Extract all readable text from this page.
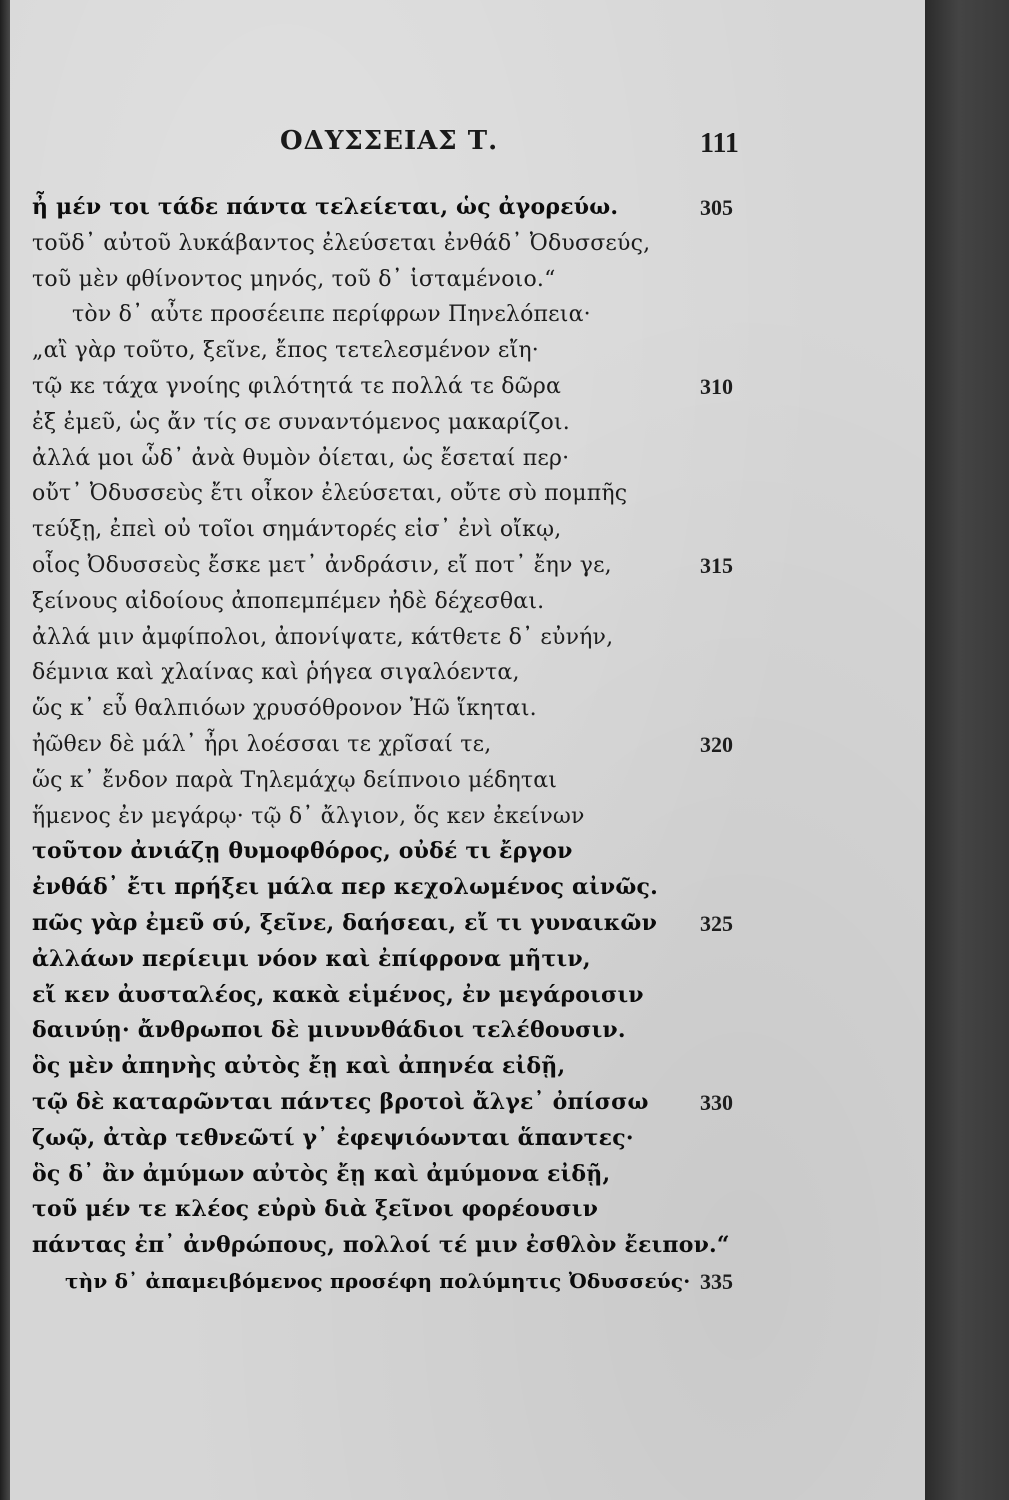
ΟΔΥΣΣΕΙΑΣ Τ.	111
ἦ μέν τοι τάδε πάντα τελείεται, ὡς ἀγορεύω.	305
τοῦδ᾽ αὐτοῦ λυκάβαντος ἐλεύσεται ἐνθάδ᾽ Ὀδυσσεύς,
τοῦ μὲν φθίνοντος μηνός, τοῦ δ᾽ ἱσταμένοιο.“
τὸν δ᾽ αὖτε προσέειπε περίφρων Πηνελόπεια·
„αἲ γὰρ τοῦτο, ξεῖνε, ἔπος τετελεσμένον εἴη·
τῷ κε τάχα γνοίης φιλότητά τε πολλά τε δῶρα	310
ἐξ ἐμεῦ, ὡς ἄν τίς σε συναντόμενος μακαρίζοι.
ἀλλά μοι ὧδ᾽ ἀνὰ θυμὸν ὀίεται, ὡς ἔσεταί περ·
οὔτ᾽ Ὀδυσσεὺς ἔτι οἶκον ἐλεύσεται, οὔτε σὺ πομπῆς
τεύξῃ, ἐπεὶ οὐ τοῖοι σημάντορές εἰσ᾽ ἐνὶ οἴκῳ,
οἷος Ὀδυσσεὺς ἔσκε μετ᾽ ἀνδράσιν, εἴ ποτ᾽ ἔην γε,	315
ξείνους αἰδοίους ἀποπεμπέμεν ἠδὲ δέχεσθαι.
ἀλλά μιν ἀμφίπολοι, ἀπονίψατε, κάτθετε δ᾽ εὐνήν,
δέμνια καὶ χλαίνας καὶ ῥήγεα σιγαλόεντα,
ὥς κ᾽ εὖ θαλπιόων χρυσόθρονον Ἠῶ ἵκηται.
ἠῶθεν δὲ μάλ᾽ ἦρι λοέσσαι τε χρῖσαί τε,	320
ὥς κ᾽ ἔνδον παρὰ Τηλεμάχῳ δείπνοιο μέδηται
ἥμενος ἐν μεγάρῳ· τῷ δ᾽ ἄλγιον, ὅς κεν ἐκείνων
τοῦτον ἀνιάζῃ θυμοφθόρος, οὐδέ τι ἔργον
ἐνθάδ᾽ ἔτι πρήξει μάλα περ κεχολωμένος αἰνῶς.
πῶς γὰρ ἐμεῦ σύ, ξεῖνε, δαήσεαι, εἴ τι γυναικῶν 325
ἀλλάων περίειμι νόον καὶ ἐπίφρονα μῆτιν,
εἴ κεν ἀυσταλέος, κακὰ εἱμένος, ἐν μεγάροισιν
δαινύῃ· ἄνθρωποι δὲ μινυνθάδιοι τελέθουσιν.
ὃς μὲν ἀπηνὴς αὐτὸς ἔῃ καὶ ἀπηνέα εἰδῇ,
τῷ δὲ καταρῶνται πάντες βροτοὶ ἄλγε᾽ ὀπίσσω 330
ζωῷ, ἀτὰρ τεθνεῶτί γ᾽ ἐφεψιόωνται ἅπαντες·
ὃς δ᾽ ἂν ἀμύμων αὐτὸς ἔῃ καὶ ἀμύμονα εἰδῇ,
τοῦ μέν τε κλέος εὐρὺ διὰ ξεῖνοι φορέουσιν
πάντας ἐπ᾽ ἀνθρώπους, πολλοί τέ μιν ἐσθλὸν ἔειπον.“
τὴν δ᾽ ἀπαμειβόμενος προσέφη πολύμητις Ὀδυσσεύς· 335
